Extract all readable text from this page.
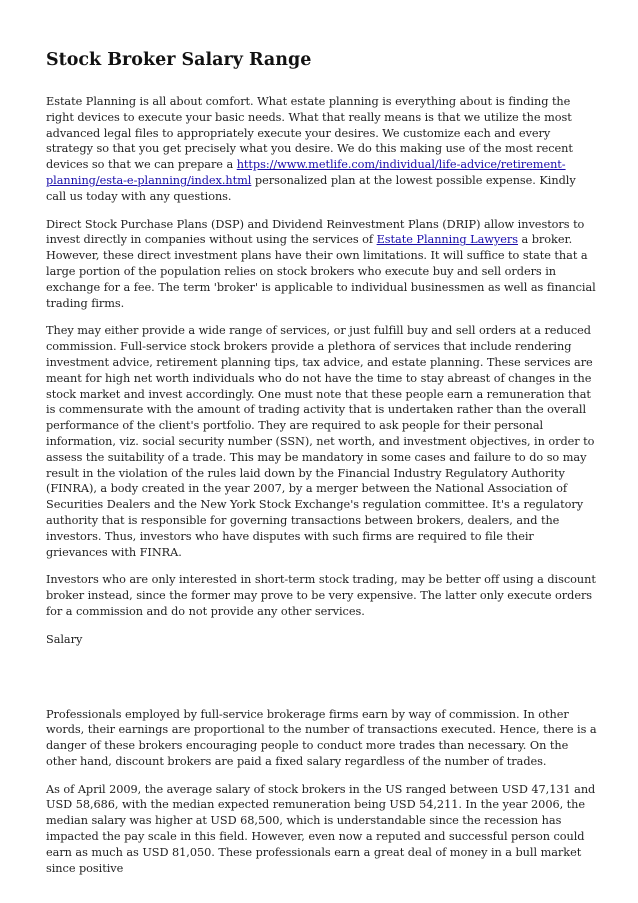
Stock Broker Salary Range

Estate Planning is all about comfort. What estate planning is everything about is finding the right devices to execute your basic needs. What that really means is that we utilize the most advanced legal files to appropriately execute your desires. We customize each and every strategy so that you get precisely what you desire. We do this making use of the most recent devices so that we can prepare a https://www.metlife.com/individual/life-advice/retirement-planning/esta-e-planning/index.html personalized plan at the lowest possible expense. Kindly call us today with any questions.

Direct Stock Purchase Plans (DSP) and Dividend Reinvestment Plans (DRIP) allow investors to invest directly in companies without using the services of Estate Planning Lawyers a broker. However, these direct investment plans have their own limitations. It will suffice to state that a large portion of the population relies on stock brokers who execute buy and sell orders in exchange for a fee. The term 'broker' is applicable to individual businessmen as well as financial trading firms.

They may either provide a wide range of services, or just fulfill buy and sell orders at a reduced commission. Full-service stock brokers provide a plethora of services that include rendering investment advice, retirement planning tips, tax advice, and estate planning. These services are meant for high net worth individuals who do not have the time to stay abreast of changes in the stock market and invest accordingly. One must note that these people earn a remuneration that is commensurate with the amount of trading activity that is undertaken rather than the overall performance of the client's portfolio. They are required to ask people for their personal information, viz. social security number (SSN), net worth, and investment objectives, in order to assess the suitability of a trade. This may be mandatory in some cases and failure to do so may result in the violation of the rules laid down by the Financial Industry Regulatory Authority (FINRA), a body created in the year 2007, by a merger between the National Association of Securities Dealers and the New York Stock Exchange's regulation committee. It's a regulatory authority that is responsible for governing transactions between brokers, dealers, and the investors. Thus, investors who have disputes with such firms are required to file their grievances with FINRA.

Investors who are only interested in short-term stock trading, may be better off using a discount broker instead, since the former may prove to be very expensive. The latter only execute orders for a commission and do not provide any other services.

Salary

Professionals employed by full-service brokerage firms earn by way of commission. In other words, their earnings are proportional to the number of transactions executed. Hence, there is a danger of these brokers encouraging people to conduct more trades than necessary. On the other hand, discount brokers are paid a fixed salary regardless of the number of trades.

As of April 2009, the average salary of stock brokers in the US ranged between USD 47,131 and USD 58,686, with the median expected remuneration being USD 54,211. In the year 2006, the median salary was higher at USD 68,500, which is understandable since the recession has impacted the pay scale in this field. However, even now a reputed and successful person could earn as much as USD 81,050. These professionals earn a great deal of money in a bull market since positive
